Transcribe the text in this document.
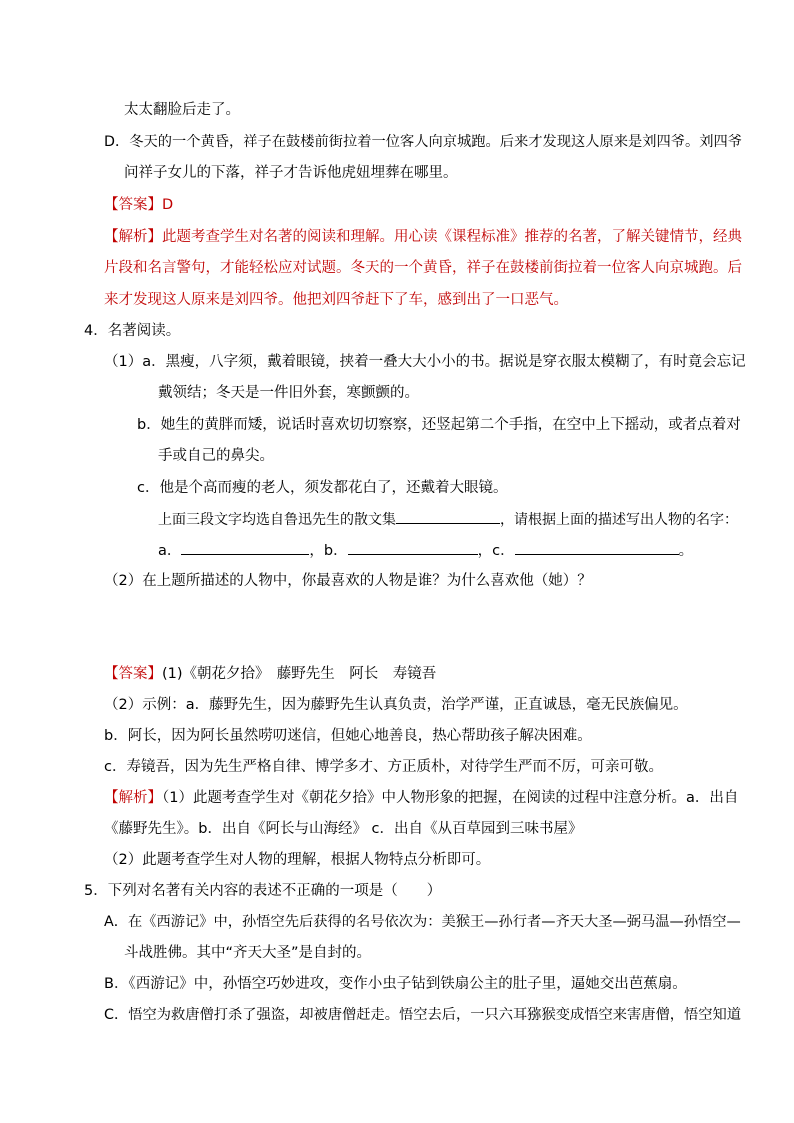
太太翻脸后走了。
D．冬天的一个黄昏，祥子在鼓楼前街拉着一位客人向京城跑。后来才发现这人原来是刘四爷。刘四爷
问祥子女儿的下落，祥子才告诉他虎妞埋葬在哪里。
【答案】D
【解析】此题考查学生对名著的阅读和理解。用心读《课程标准》推荐的名著，了解关键情节，经典
片段和名言警句，才能轻松应对试题。冬天的一个黄昏，祥子在鼓楼前街拉着一位客人向京城跑。后
来才发现这人原来是刘四爷。他把刘四爷赶下了车，感到出了一口恶气。
4．名著阅读。
（1）a．黑瘦，八字须，戴着眼镜，挟着一叠大大小小的书。据说是穿衣服太模糊了，有时竟会忘记
戴领结；冬天是一件旧外套，寒颤颤的。
b．她生的黄胖而矮，说话时喜欢切切察察，还竖起第二个手指，在空中上下摇动，或者点着对
手或自己的鼻尖。
c．他是个高而瘦的老人，须发都花白了，还戴着大眼镜。
上面三段文字均选自鲁迅先生的散文集	，请根据上面的描述写出人物的名字：
a．	，b．	，c．	。
（2）在上题所描述的人物中，你最喜欢的人物是谁？为什么喜欢他（她）？
【答案】(1)《朝花夕拾》　藤野先生　阿长　寿镜吾
（2）示例：a．藤野先生，因为藤野先生认真负责，治学严谨，正直诚恳，毫无民族偏见。
b．阿长，因为阿长虽然唠叨迷信，但她心地善良，热心帮助孩子解决困难。
c．寿镜吾，因为先生严格自律、博学多才、方正质朴，对待学生严而不厉，可亲可敬。
【解析】（1）此题考查学生对《朝花夕拾》中人物形象的把握，在阅读的过程中注意分析。a．出自
《藤野先生》。b．出自《阿长与山海经》 c．出自《从百草园到三味书屋》
（2）此题考查学生对人物的理解，根据人物特点分析即可。
5．下列对名著有关内容的表述不正确的一项是（　　）
A．在《西游记》中，孙悟空先后获得的名号依次为：美猴王—孙行者—齐天大圣—弼马温—孙悟空—
斗战胜佛。其中“齐天大圣”是自封的。
B．《西游记》中，孙悟空巧妙进攻，变作小虫子钻到铁扇公主的肚子里，逼她交出芭蕉扇。
C．悟空为救唐僧打杀了强盗，却被唐僧赶走。悟空去后，一只六耳猕猴变成悟空来害唐僧，悟空知道
